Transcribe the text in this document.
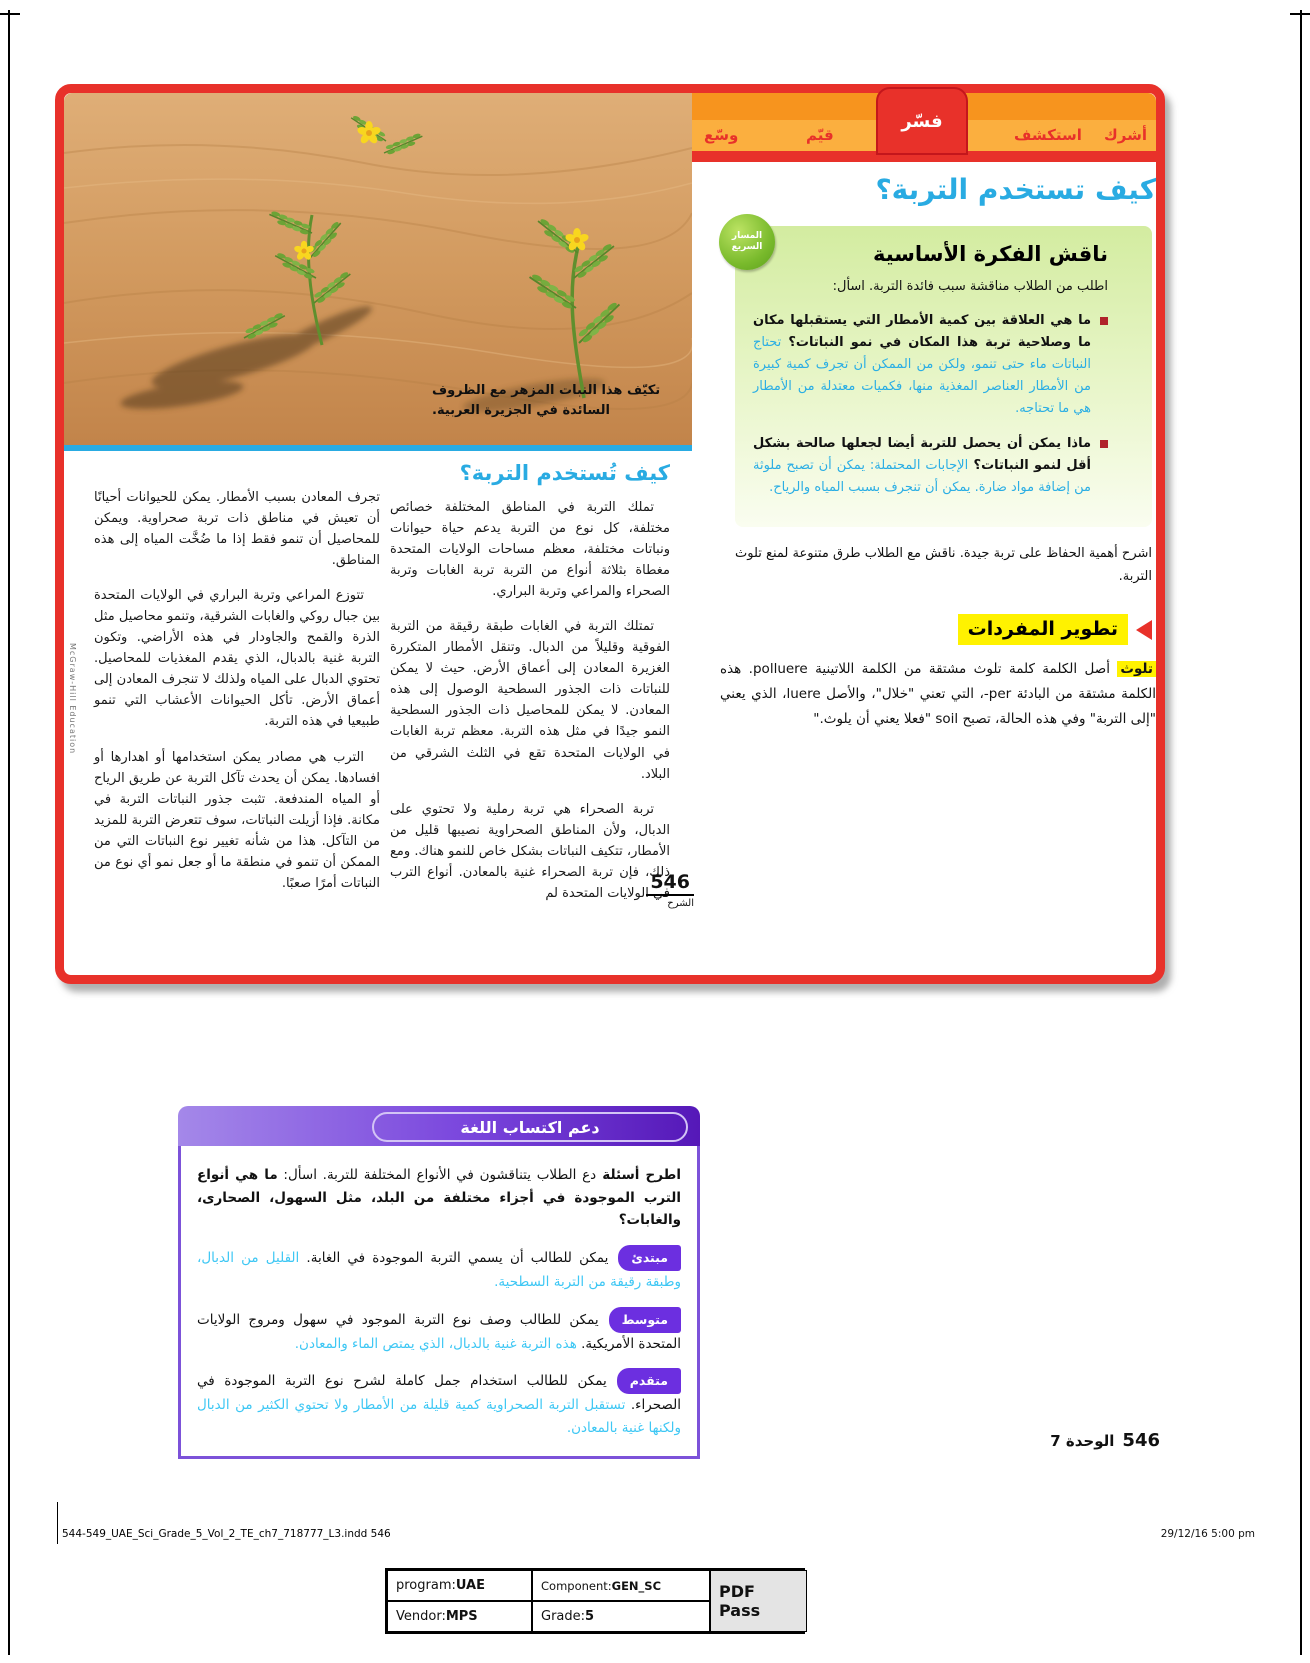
تكيّف هذا النبات المزهر مع الظروف السائدة في الجزيرة العربية.
أشرك
استكشف
فسّر
قيّم
وسّع
كيف تستخدم التربة؟
المسار
السريع	ناقش الفكرة الأساسية

اطلب من الطلاب مناقشة سبب فائدة التربة. اسأل:

ما هي العلاقة بين كمية الأمطار التي يستقبلها مكان ما وصلاحية تربة هذا المكان في نمو النباتات؟ تحتاج النباتات ماء حتى تنمو، ولكن من الممكن أن تجرف كمية كبيرة من الأمطار العناصر المغذية منها، فكميات معتدلة من الأمطار هي ما تحتاجه.
ماذا يمكن أن يحصل للتربة أيضا لجعلها صالحة بشكل أقل لنمو النباتات؟ الإجابات المحتملة: يمكن أن تصبح ملوثة من إضافة مواد ضارة. يمكن أن تنجرف بسبب المياه والرياح.

اشرح أهمية الحفاظ على تربة جيدة. ناقش مع الطلاب طرق متنوعة لمنع تلوث التربة.

تطوير المفردات

تلوث أصل الكلمة كلمة تلوث مشتقة من الكلمة اللاتينية polluere. هذه الكلمة مشتقة من البادئة per-، التي تعني "خلال"، والأصل luere، الذي يعني "إلى التربة" وفي هذه الحالة، تصبح soil "فعلا يعني أن يلوث."

كيف تُستخدم التربة؟

تملك التربة في المناطق المختلفة خصائص مختلفة، كل نوع من التربة يدعم حياة حيوانات ونباتات مختلفة، معظم مساحات الولايات المتحدة مغطاة بثلاثة أنواع من التربة تربة الغابات وتربة الصحراء والمراعي وتربة البراري.

تمتلك التربة في الغابات طبقة رقيقة من التربة الفوقية وقليلاً من الدبال. وتنقل الأمطار المتكررة الغزيرة المعادن إلى أعماق الأرض. حيث لا يمكن للنباتات ذات الجذور السطحية الوصول إلى هذه المعادن. لا يمكن للمحاصيل ذات الجذور السطحية النمو جيدًا في مثل هذه التربة. معظم تربة الغابات في الولايات المتحدة تقع في الثلث الشرقي من البلاد.

تربة الصحراء هي تربة رملية ولا تحتوي على الدبال، ولأن المناطق الصحراوية نصيبها قليل من الأمطار، تتكيف النباتات بشكل خاص للنمو هناك. ومع ذلك، فإن تربة الصحراء غنية بالمعادن. أنواع الترب في الولايات المتحدة لم

تجرف المعادن بسبب الأمطار. يمكن للحيوانات أحيانًا أن تعيش في مناطق ذات تربة صحراوية. ويمكن للمحاصيل أن تنمو فقط إذا ما ضُخَّت المياه إلى هذه المناطق.

تتوزع المراعي وتربة البراري في الولايات المتحدة بين جبال روكي والغابات الشرقية، وتنمو محاصيل مثل الذرة والقمح والجاودار في هذه الأراضي. وتكون التربة غنية بالدبال، الذي يقدم المغذيات للمحاصيل. تحتوي الدبال على المياه ولذلك لا تنجرف المعادن إلى أعماق الأرض. تأكل الحيوانات الأعشاب التي تنمو طبيعيا في هذه التربة.

الترب هي مصادر يمكن استخدامها أو اهدارها أو افسادها. يمكن أن يحدث تآكل التربة عن طريق الرياح أو المياه المندفعة. تثبت جذور النباتات التربة في مكانة. فإذا أزيلت النباتات، سوف تتعرض التربة للمزيد من التآكل. هذا من شأنه تغيير نوع النباتات التي من الممكن أن تنمو في منطقة ما أو جعل نمو أي نوع من النباتات أمرًا صعبًا.	546
الشرح
McGraw-Hill Education
دعم اكتساب اللغة

اطرح أسئلة دع الطلاب يتناقشون في الأنواع المختلفة للتربة. اسأل: ما هي أنواع الترب الموجودة في أجزاء مختلفة من البلد، مثل السهول، الصحارى، والغابات؟

مبتدئيمكن للطالب أن يسمي التربة الموجودة في الغابة. القليل من الدبال، وطبقة رقيقة من التربة السطحية.
متوسطيمكن للطالب وصف نوع التربة الموجود في سهول ومروج الولايات المتحدة الأمريكية. هذه التربة غنية بالدبال، الذي يمتص الماء والمعادن.
متقدميمكن للطالب استخدام جمل كاملة لشرح نوع التربة الموجودة في الصحراء. تستقبل التربة الصحراوية كمية قليلة من الأمطار ولا تحتوي الكثير من الدبال ولكنها غنية بالمعادن.
546الوحدة 7
544-549_UAE_Sci_Grade_5_Vol_2_TE_ch7_718777_L3.indd 546	29/12/16 5:00 pm
program: UAE	Component: GEN_SC	PDF Pass
Vendor: MPS	Grade: 5
